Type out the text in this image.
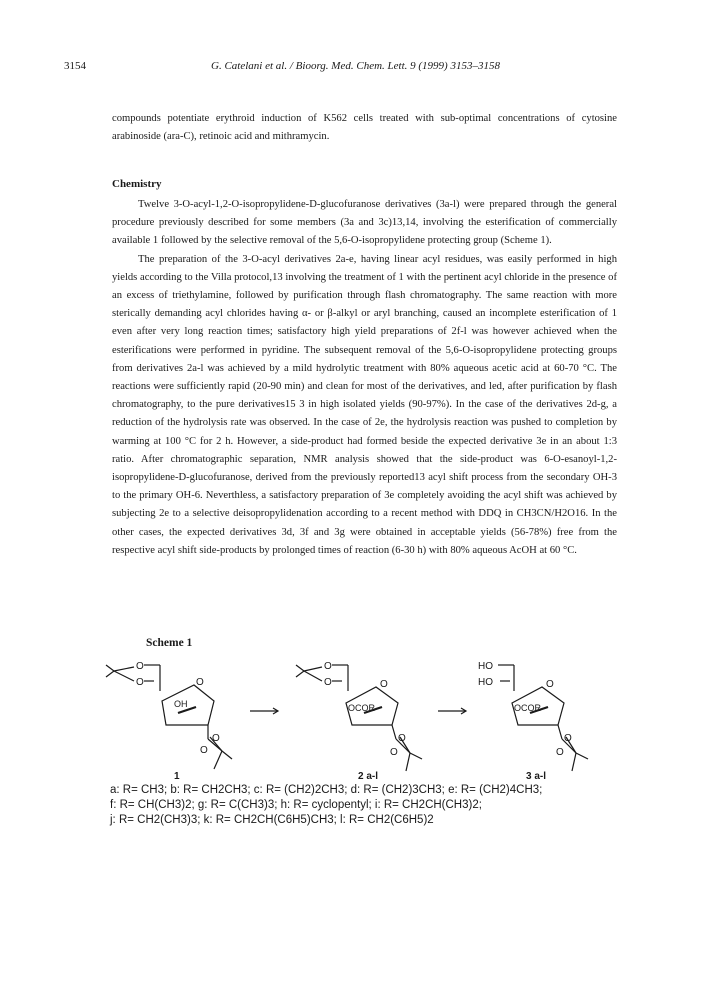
3154	G. Catelani et al. / Bioorg. Med. Chem. Lett. 9 (1999) 3153–3158

compounds potentiate erythroid induction of K562 cells treated with sub-optimal concentrations of cytosine arabinoside (ara-C), retinoic acid and mithramycin.

Chemistry

Twelve 3-O-acyl-1,2-O-isopropylidene-D-glucofuranose derivatives (3a-l) were prepared through the general procedure previously described for some members (3a and 3c)13,14, involving the esterification of commercially available 1 followed by the selective removal of the 5,6-O-isopropylidene protecting group (Scheme 1).

The preparation of the 3-O-acyl derivatives 2a-e, having linear acyl residues, was easily performed in high yields according to the Villa protocol,13 involving the treatment of 1 with the pertinent acyl chloride in the presence of an excess of triethylamine, followed by purification through flash chromatography. The same reaction with more sterically demanding acyl chlorides having α- or β-alkyl or aryl branching, caused an incomplete esterification of 1 even after very long reaction times; satisfactory high yield preparations of 2f-l was however achieved when the esterifications were performed in pyridine. The subsequent removal of the 5,6-O-isopropylidene protecting groups from derivatives 2a-l was achieved by a mild hydrolytic treatment with 80% aqueous acetic acid at 60-70 °C. The reactions were sufficiently rapid (20-90 min) and clean for most of the derivatives, and led, after purification by flash chromatography, to the pure derivatives15 3 in high isolated yields (90-97%). In the case of the derivatives 2d-g, a reduction of the hydrolysis rate was observed. In the case of 2e, the hydrolysis reaction was pushed to completion by warming at 100 °C for 2 h. However, a side-product had formed beside the expected derivative 3e in an about 1:3 ratio. After chromatographic separation, NMR analysis showed that the side-product was 6-O-esanoyl-1,2-isopropylidene-D-glucofuranose, derived from the previously reported13 acyl shift process from the secondary OH-3 to the primary OH-6. Neverthless, a satisfactory preparation of 3e completely avoiding the acyl shift was achieved by subjecting 2e to a selective deisopropylidenation according to a recent method with DDQ in CH3CN/H2O16. In the other cases, the expected derivatives 3d, 3f and 3g were obtained in acceptable yields (56-78%) free from the respective acyl shift side-products by prolonged times of reaction (6-30 h) with 80% aqueous AcOH at 60 °C.

Scheme 1
O
O	O
OH
O
O
O
O	O
OCOR
O
O
HO
HO	O
OCOR
O
O
1	2 a-l	3 a-l

a: R= CH3; b: R= CH2CH3; c: R= (CH2)2CH3; d: R= (CH2)3CH3; e: R= (CH2)4CH3;

f: R= CH(CH3)2; g: R= C(CH3)3; h: R= cyclopentyl; i: R= CH2CH(CH3)2;

j: R= CH2(CH3)3; k: R= CH2CH(C6H5)CH3; l: R= CH2(C6H5)2
